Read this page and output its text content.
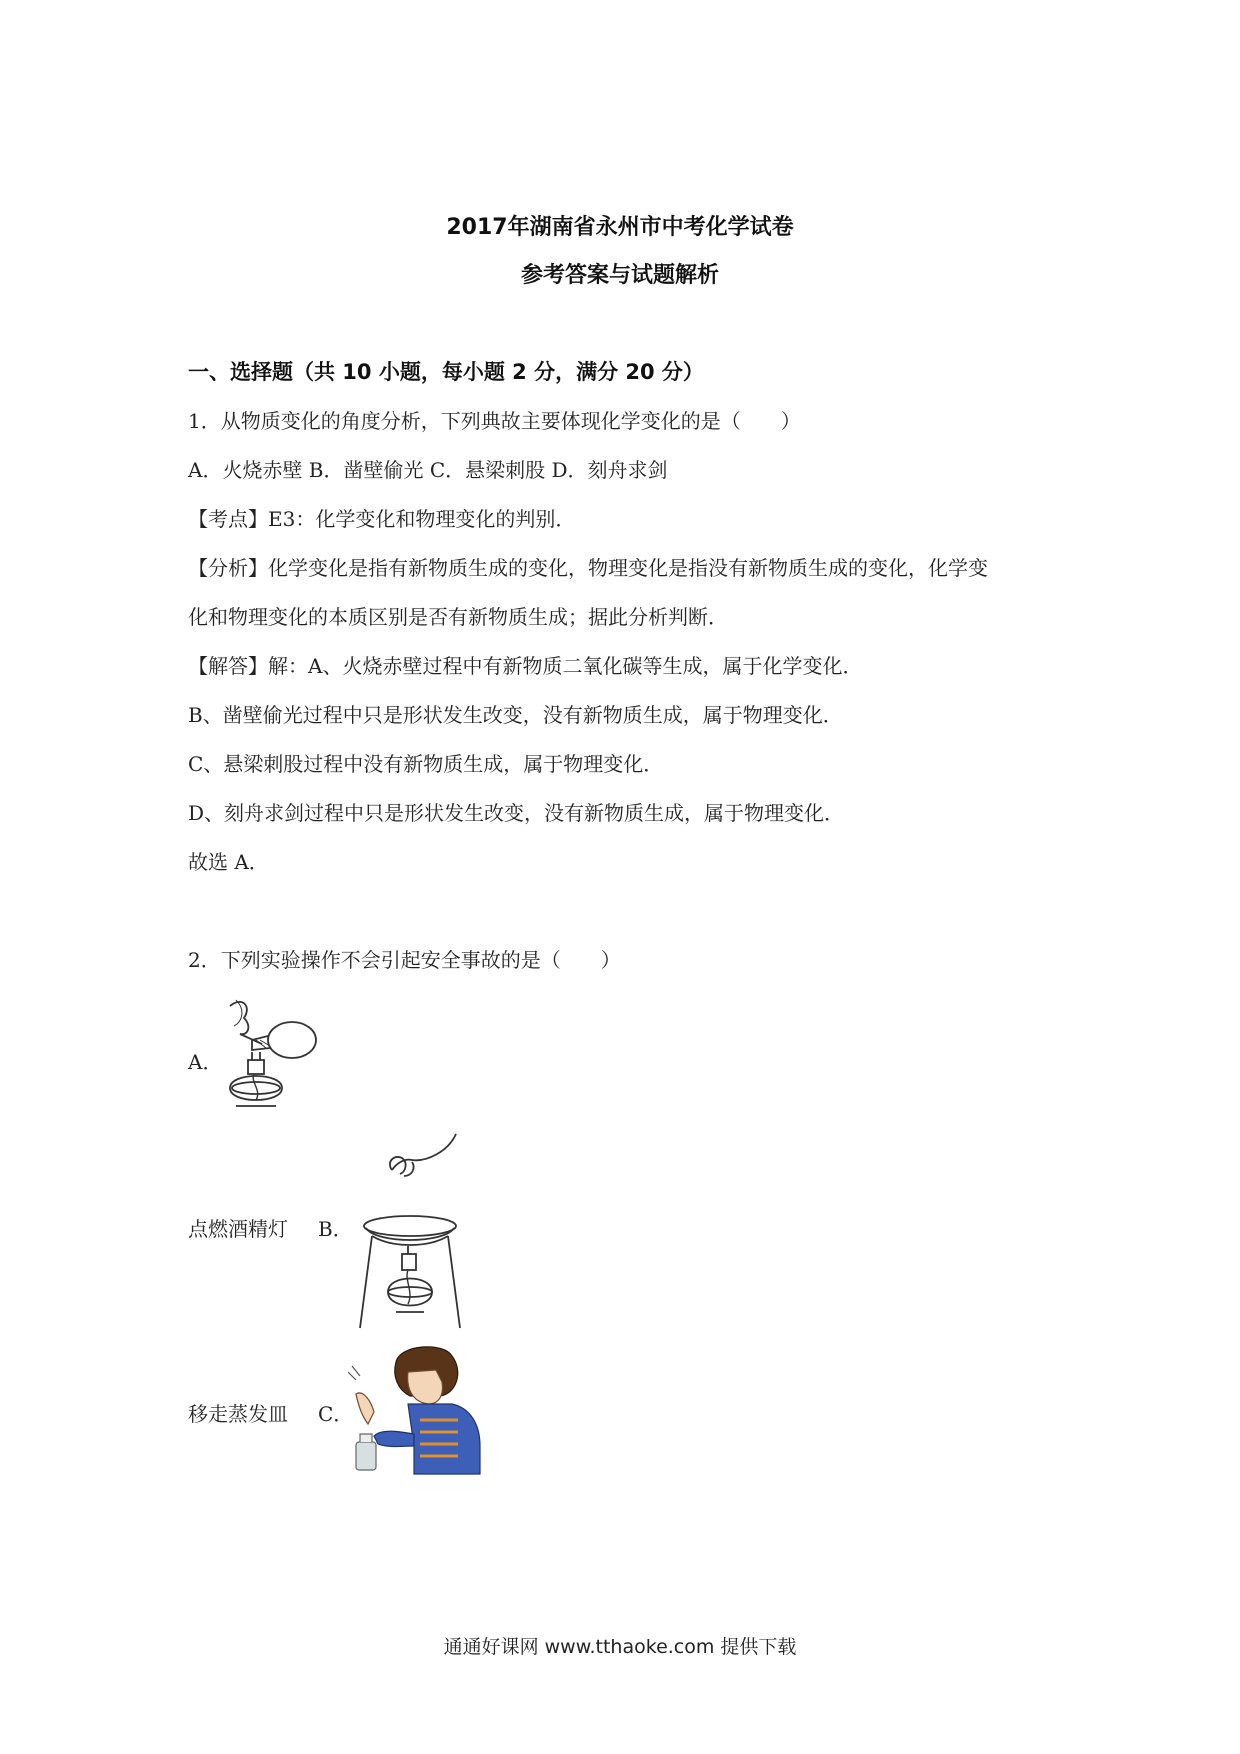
2017年湖南省永州市中考化学试卷
参考答案与试题解析
一、选择题（共 10 小题，每小题 2 分，满分 20 分）
1．从物质变化的角度分析，下列典故主要体现化学变化的是（　　）
A．火烧赤壁 B．凿壁偷光 C．悬梁刺股 D．刻舟求剑
【考点】E3：化学变化和物理变化的判别．
【分析】化学变化是指有新物质生成的变化，物理变化是指没有新物质生成的变化，化学变
化和物理变化的本质区别是否有新物质生成；据此分析判断．
【解答】解：A、火烧赤壁过程中有新物质二氧化碳等生成，属于化学变化．
B、凿壁偷光过程中只是形状发生改变，没有新物质生成，属于物理变化．
C、悬梁刺股过程中没有新物质生成，属于物理变化．
D、刻舟求剑过程中只是形状发生改变，没有新物质生成，属于物理变化．
故选 A．
2．下列实验操作不会引起安全事故的是（　　）
A．
点燃酒精灯 B．
移走蒸发皿 C．
通通好课网 www.tthaoke.com 提供下载
